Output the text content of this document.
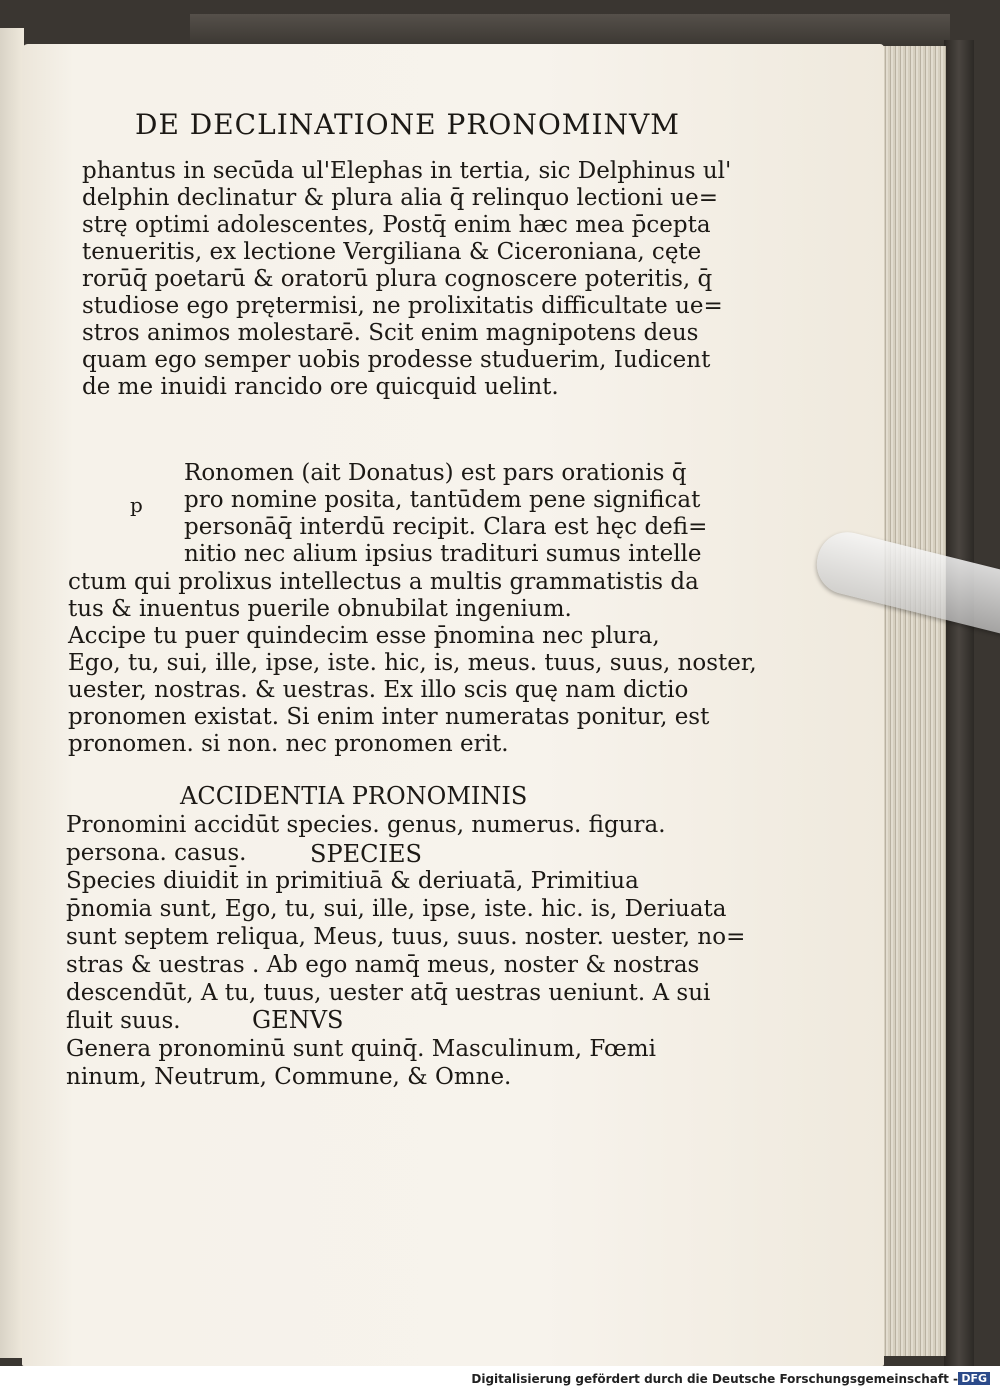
DE DECLINATIONE PRONOMINVM
phantus in secūda ul'Elephas in tertia, sic Delphinus ul'
delphin declinatur & plura alia q̄ relinquo lectioni ue=
strę optimi adolescentes, Postq̄ enim hæc mea p̄cepta
tenueritis, ex lectione Vergiliana & Ciceroniana, cęte
rorūq̄ poetarū & oratorū plura cognoscere poteritis, q̄
studiose ego prętermisi, ne prolixitatis difficultate ue=
stros animos molestarē. Scit enim magnipotens deus
quam ego semper uobis prodesse studuerim, Iudicent
de me inuidi rancido ore quicquid uelint.
p
Ronomen (ait Donatus) est pars orationis q̄
pro nomine posita, tantūdem pene significat
personāq̄ interdū recipit. Clara est hęc defi=
nitio nec alium ipsius tradituri sumus intelle
ctum qui prolixus intellectus a multis grammatistis da
tus & inuentus puerile obnubilat ingenium.
Accipe tu puer quindecim esse p̄nomina nec plura,
Ego, tu, sui, ille, ipse, iste. hic, is, meus. tuus, suus, noster,
uester, nostras. & uestras. Ex illo scis quę nam dictio
pronomen existat. Si enim inter numeratas ponitur, est
pronomen. si non. nec pronomen erit.
ACCIDENTIA PRONOMINIS
Pronomini accidūt species. genus, numerus. figura.
persona. casus.	SPECIES
Species diuidit̄ in primitiuā & deriuatā, Primitiua
p̄nomia sunt, Ego, tu, sui, ille, ipse, iste. hic. is, Deriuata
sunt septem reliqua, Meus, tuus, suus. noster. uester, no=
stras & uestras . Ab ego namq̄ meus, noster & nostras
descendūt, A tu, tuus, uester atq̄ uestras ueniunt. A sui
fluit suus.	GENVS
Genera pronominū sunt quinq̄. Masculinum, Fœmi
ninum, Neutrum, Commune, & Omne.
Digitalisierung gefördert durch die Deutsche Forschungsgemeinschaft - DFG
